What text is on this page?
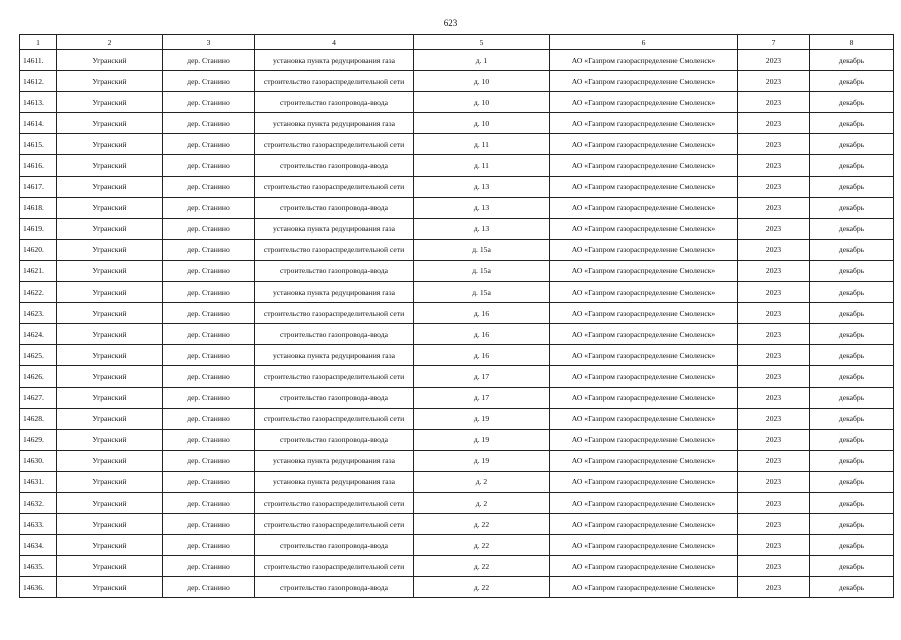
623
1	2	3	4	5	6	7	8
14611.	Угранский	дер. Станино	установка пункта редуцирования газа	д. 1	АО «Газпром газораспределение Смоленск»	2023	декабрь
14612.	Угранский	дер. Станино	строительство газораспределительной сети	д. 10	АО «Газпром газораспределение Смоленск»	2023	декабрь
14613.	Угранский	дер. Станино	строительство газопровода-ввода	д. 10	АО «Газпром газораспределение Смоленск»	2023	декабрь
14614.	Угранский	дер. Станино	установка пункта редуцирования газа	д. 10	АО «Газпром газораспределение Смоленск»	2023	декабрь
14615.	Угранский	дер. Станино	строительство газораспределительной сети	д. 11	АО «Газпром газораспределение Смоленск»	2023	декабрь
14616.	Угранский	дер. Станино	строительство газопровода-ввода	д. 11	АО «Газпром газораспределение Смоленск»	2023	декабрь
14617.	Угранский	дер. Станино	строительство газораспределительной сети	д. 13	АО «Газпром газораспределение Смоленск»	2023	декабрь
14618.	Угранский	дер. Станино	строительство газопровода-ввода	д. 13	АО «Газпром газораспределение Смоленск»	2023	декабрь
14619.	Угранский	дер. Станино	установка пункта редуцирования газа	д. 13	АО «Газпром газораспределение Смоленск»	2023	декабрь
14620.	Угранский	дер. Станино	строительство газораспределительной сети	д. 15а	АО «Газпром газораспределение Смоленск»	2023	декабрь
14621.	Угранский	дер. Станино	строительство газопровода-ввода	д. 15а	АО «Газпром газораспределение Смоленск»	2023	декабрь
14622.	Угранский	дер. Станино	установка пункта редуцирования газа	д. 15а	АО «Газпром газораспределение Смоленск»	2023	декабрь
14623.	Угранский	дер. Станино	строительство газораспределительной сети	д. 16	АО «Газпром газораспределение Смоленск»	2023	декабрь
14624.	Угранский	дер. Станино	строительство газопровода-ввода	д. 16	АО «Газпром газораспределение Смоленск»	2023	декабрь
14625.	Угранский	дер. Станино	установка пункта редуцирования газа	д. 16	АО «Газпром газораспределение Смоленск»	2023	декабрь
14626.	Угранский	дер. Станино	строительство газораспределительной сети	д. 17	АО «Газпром газораспределение Смоленск»	2023	декабрь
14627.	Угранский	дер. Станино	строительство газопровода-ввода	д. 17	АО «Газпром газораспределение Смоленск»	2023	декабрь
14628.	Угранский	дер. Станино	строительство газораспределительной сети	д. 19	АО «Газпром газораспределение Смоленск»	2023	декабрь
14629.	Угранский	дер. Станино	строительство газопровода-ввода	д. 19	АО «Газпром газораспределение Смоленск»	2023	декабрь
14630.	Угранский	дер. Станино	установка пункта редуцирования газа	д. 19	АО «Газпром газораспределение Смоленск»	2023	декабрь
14631.	Угранский	дер. Станино	установка пункта редуцирования газа	д. 2	АО «Газпром газораспределение Смоленск»	2023	декабрь
14632.	Угранский	дер. Станино	строительство газораспределительной сети	д. 2	АО «Газпром газораспределение Смоленск»	2023	декабрь
14633.	Угранский	дер. Станино	строительство газораспределительной сети	д. 22	АО «Газпром газораспределение Смоленск»	2023	декабрь
14634.	Угранский	дер. Станино	строительство газопровода-ввода	д. 22	АО «Газпром газораспределение Смоленск»	2023	декабрь
14635.	Угранский	дер. Станино	строительство газораспределительной сети	д. 22	АО «Газпром газораспределение Смоленск»	2023	декабрь
14636.	Угранский	дер. Станино	строительство газопровода-ввода	д. 22	АО «Газпром газораспределение Смоленск»	2023	декабрь
